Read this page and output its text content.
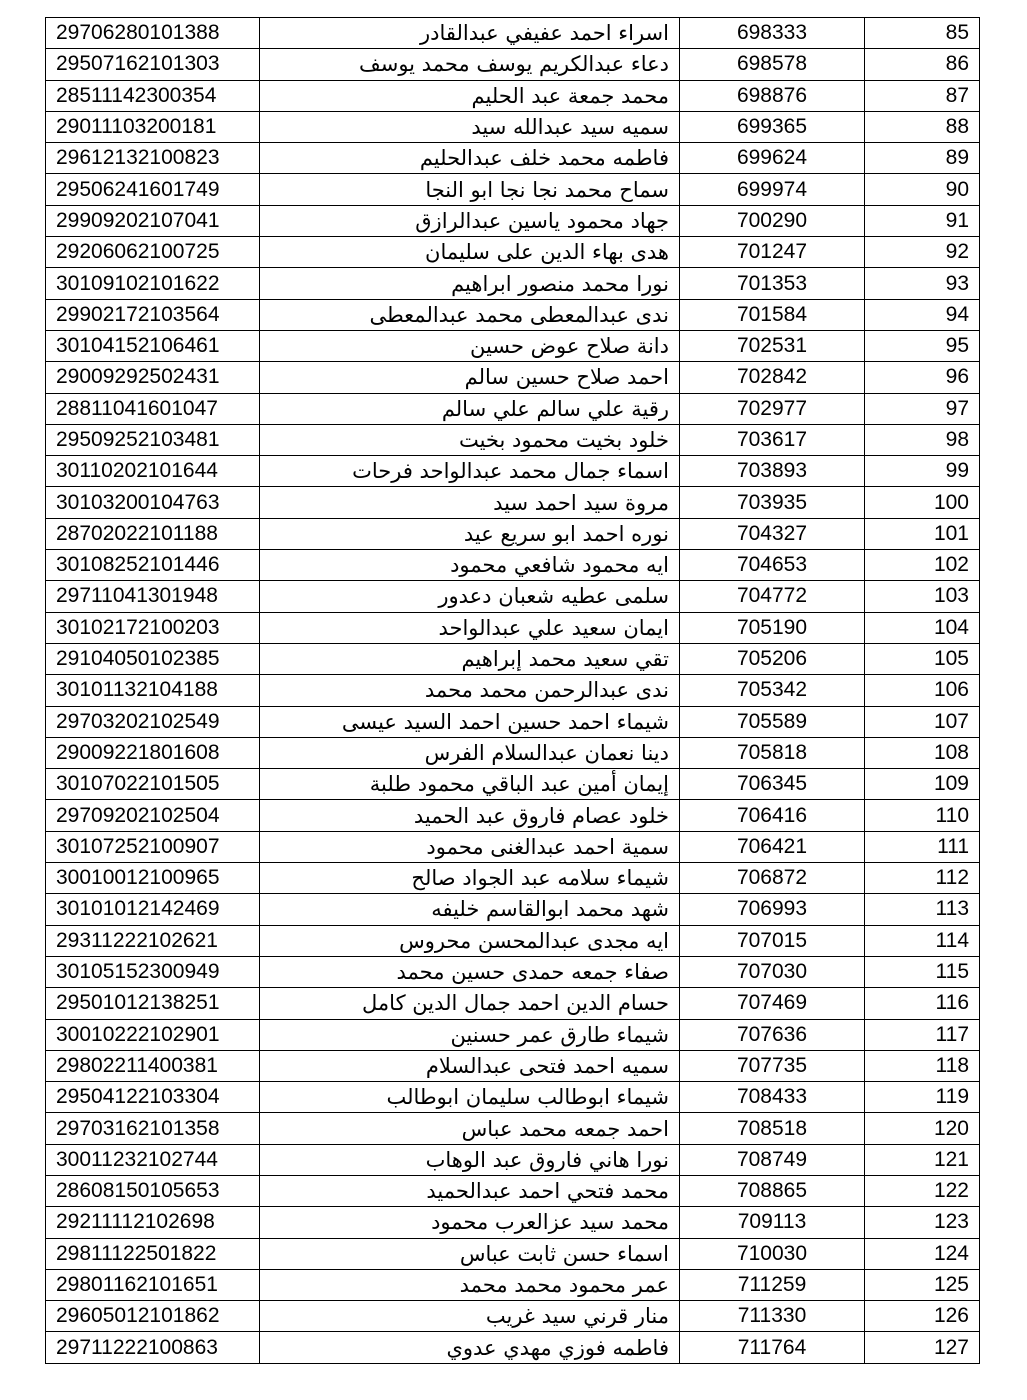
29706280101388	اسراء احمد عفيفي عبدالقادر	698333	85
29507162101303	دعاء عبدالكريم يوسف محمد يوسف	698578	86
28511142300354	محمد جمعة عبد الحليم	698876	87
29011103200181	سميه سيد عبدالله سيد	699365	88
29612132100823	فاطمه محمد خلف عبدالحليم	699624	89
29506241601749	سماح محمد نجا نجا ابو النجا	699974	90
29909202107041	جهاد محمود ياسين عبدالرازق	700290	91
29206062100725	هدى بهاء الدين على سليمان	701247	92
30109102101622	نورا محمد منصور ابراهيم	701353	93
29902172103564	ندى عبدالمعطى محمد عبدالمعطى	701584	94
30104152106461	دانة صلاح عوض حسين	702531	95
29009292502431	احمد صلاح حسين سالم	702842	96
28811041601047	رقية علي سالم علي سالم	702977	97
29509252103481	خلود بخيت محمود بخيت	703617	98
30110202101644	اسماء جمال محمد عبدالواحد فرحات	703893	99
30103200104763	مروة سيد احمد سيد	703935	100
28702022101188	نوره احمد ابو سريع عيد	704327	101
30108252101446	ايه محمود شافعي محمود	704653	102
29711041301948	سلمى عطيه شعبان دعدور	704772	103
30102172100203	ايمان سعيد علي عبدالواحد	705190	104
29104050102385	تقي سعيد محمد إبراهيم	705206	105
30101132104188	ندى عبدالرحمن محمد محمد	705342	106
29703202102549	شيماء احمد حسين احمد السيد عيسى	705589	107
29009221801608	دينا نعمان عبدالسلام الفرس	705818	108
30107022101505	إيمان أمين عبد الباقي محمود طلبة	706345	109
29709202102504	خلود عصام فاروق عبد الحميد	706416	110
30107252100907	سمية احمد عبدالغنى محمود	706421	111
30010012100965	شيماء سلامه عبد الجواد صالح	706872	112
30101012142469	شهد محمد ابوالقاسم خليفه	706993	113
29311222102621	ايه مجدى عبدالمحسن محروس	707015	114
30105152300949	صفاء جمعه حمدى حسين محمد	707030	115
29501012138251	حسام الدين احمد جمال الدين كامل	707469	116
30010222102901	شيماء طارق عمر حسنين	707636	117
29802211400381	سميه احمد فتحى عبدالسلام	707735	118
29504122103304	شيماء ابوطالب سليمان ابوطالب	708433	119
29703162101358	احمد جمعه محمد عباس	708518	120
30011232102744	نورا هاني فاروق عبد الوهاب	708749	121
28608150105653	محمد فتحي احمد عبدالحميد	708865	122
29211112102698	محمد سيد عزالعرب محمود	709113	123
29811122501822	اسماء حسن ثابت عباس	710030	124
29801162101651	عمر محمود محمد محمد	711259	125
29605012101862	منار قرني سيد غريب	711330	126
29711222100863	فاطمه فوزي مهدي عدوي	711764	127
